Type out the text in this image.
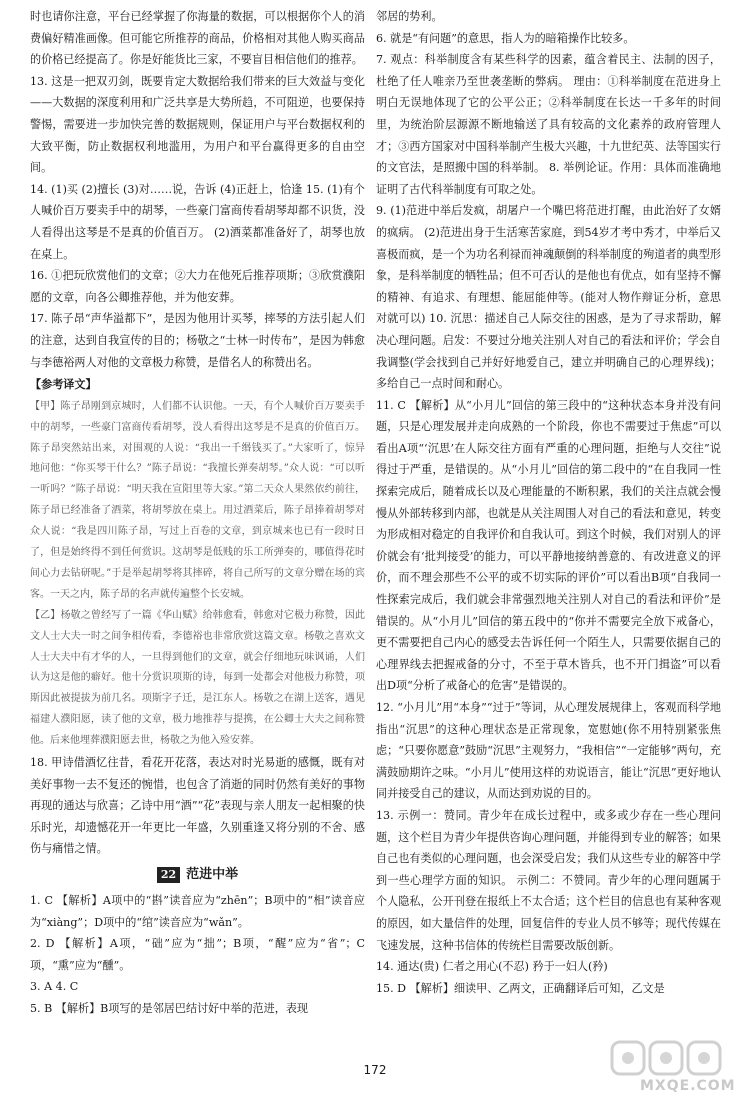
时也请你注意，平台已经掌握了你海量的数据，可以根据你个人的消费偏好精准画像。但可能它所推荐的商品，价格相对其他人购买商品的价格已经提高了。你是好能货比三家，不要盲目相信他们的推荐。

13. 这是一把双刃剑，既要肯定大数据给我们带来的巨大效益与变化——大数据的深度利用和广泛共享是大势所趋，不可阻逆，也要保持警惕，需要进一步加快完善的数据规则，保证用户与平台数据权利的大致平衡，防止数据权利地滥用，为用户和平台赢得更多的自由空间。

14. (1)买 (2)擅长 (3)对……说，告诉 (4)正赶上，恰逢 15. (1)有个人喊价百万要卖手中的胡琴，一些豪门富商传看胡琴却都不识货，没人看得出这琴是不是真的价值百万。 (2)酒菜都准备好了，胡琴也放在桌上。

16. ①把玩欣赏他们的文章；②大力在他死后推荐项斯；③欣赏濮阳愿的文章，向各公卿推荐他，并为他安葬。

17. 陈子昂“声华溢都下”，是因为他用计买琴，摔琴的方法引起人们的注意，达到自我宣传的目的；杨敬之“士林一时传布”，是因为韩愈与李德裕两人对他的文章极力称赞，是借名人的称赞出名。

【参考译文】

【甲】陈子昂刚到京城时，人们都不认识他。一天，有个人喊价百万要卖手中的胡琴，一些豪门富商传看胡琴，没人看得出这琴是不是真的价值百万。陈子昂突然站出来，对围观的人说：“我出一千缗钱买了。”大家听了，惊异地问他：“你买琴干什么？”陈子昂说：“我擅长弹奏胡琴。”众人说：“可以听一听吗？”陈子昂说：“明天我在宣阳里等大家。”第二天众人果然依约前往，陈子昂已经准备了酒菜，将胡琴放在桌上。用过酒菜后，陈子昂捧着胡琴对众人说：“我是四川陈子昂，写过上百卷的文章，到京城来也已有一段时日了，但是始终得不到任何赏识。这胡琴是低贱的乐工所弹奏的，哪值得花时间心力去钻研呢。”于是举起胡琴将其摔碎，将自己所写的文章分赠在场的宾客。一天之内，陈子昂的名声就传遍整个长安城。

【乙】杨敬之曾经写了一篇《华山赋》给韩愈看，韩愈对它极力称赞，因此文人士大夫一时之间争相传看，李德裕也非常欣赏这篇文章。杨敬之喜欢文人士大夫中有才华的人，一旦得到他们的文章，就会仔细地玩味讽诵，人们认为这是他的癖好。他十分赏识项斯的诗，每到一处都会对他极力称赞，项斯因此被提拔为前几名。项斯字子迁，是江东人。杨敬之在湖上送客，遇见福建人濮阳愿，读了他的文章，极力地推荐与提携，在公卿士大夫之间称赞他。后来他埋葬濮阳愿去世，杨敬之为他入殓安葬。

18. 甲诗借酒忆往昔，看花开花落，表达对时光易逝的感慨，既有对美好事物一去不复还的惋惜，也包含了消逝的同时仍然有美好的事物再现的通达与欣喜；乙诗中用“酒”“花”表现与亲人朋友一起相聚的快乐时光，却遗憾花开一年更比一年盛，久别重逢又将分别的不舍、感伤与痛惜之情。

22 范进中举

1. C 【解析】A项中的“斟”读音应为“zhēn”；B项中的“相”读音应为“xiàng”；D项中的“绾”读音应为“wǎn”。

2. D 【解析】A项，“础”应为“拙”；B项，“醒”应为“省”；C项，“熏”应为“醺”。

3. A 4. C

5. B 【解析】B项写的是邻居巴结讨好中举的范进，表现

邻居的势利。

6. 就是“有问题”的意思，指人为的暗箱操作比较多。

7. 观点：科举制度含有某些科学的因素，蕴含着民主、法制的因子，杜绝了任人唯亲乃至世袭垄断的弊病。 理由：①科举制度在范进身上明白无误地体现了它的公平公正；②科举制度在长达一千多年的时间里，为统治阶层源源不断地输送了具有较高的文化素养的政府管理人才；③西方国家对中国科举制产生极大兴趣，十九世纪英、法等国实行的文官法，是照搬中国的科举制。 8. 举例论证。作用：具体而准确地证明了古代科举制度有可取之处。

9. (1)范进中举后发疯，胡屠户一个嘴巴将范进打醒，由此治好了女婿的疯病。 (2)范进出身于生活寒苦家庭，到54岁才考中秀才，中举后又喜极而疯，是一个为功名利禄而神魂颠倒的科举制度的殉道者的典型形象，是科举制度的牺牲品；但不可否认的是他也有优点，如有坚持不懈的精神、有追求、有理想、能屈能伸等。(能对人物作辩证分析，意思对就可以) 10. 沉思：描述自己人际交往的困惑，是为了寻求帮助，解决心理问题。启发：不要过分地关注别人对自己的看法和评价；学会自我调整(学会找到自己并好好地爱自己，建立并明确自己的心理界线)；多给自己一点时间和耐心。

11. C 【解析】从“小月儿”回信的第三段中的“这种状态本身并没有问题，只是心理发展并走向成熟的一个阶段，你也不需要过于焦虑”可以看出A项“‘沉思’在人际交往方面有严重的心理问题，拒绝与人交往”说得过于严重，是错误的。从“小月儿”回信的第二段中的“在自我同一性探索完成后，随着成长以及心理能量的不断积累，我们的关注点就会慢慢从外部转移到内部，也就是从关注周围人对自己的看法和意见，转变为形成相对稳定的自我评价和自我认可。到这个时候，我们对别人的评价就会有‘批判接受’的能力，可以平静地接纳善意的、有改进意义的评价，而不理会那些不公平的或不切实际的评价”可以看出B项“自我同一性探索完成后，我们就会非常强烈地关注别人对自己的看法和评价”是错误的。从“小月儿”回信的第五段中的“你并不需要完全放下戒备心，更不需要把自己内心的感受去告诉任何一个陌生人，只需要依据自己的心理界线去把握戒备的分寸，不至于草木皆兵，也不开门揖盗”可以看出D项“分析了戒备心的危害”是错误的。

12. “小月儿”用“本身”“过于”等词，从心理发展规律上，客观而科学地指出“沉思”的这种心理状态是正常现象，宽慰她(你不用特别紧张焦虑；“只要你愿意”鼓励“沉思”主观努力，“我相信”“一定能够”两句，充满鼓励期许之味。“小月儿”使用这样的劝说语言，能让“沉思”更好地认同并接受自己的建议，从而达到劝说的目的。

13. 示例一：赞同。青少年在成长过程中，或多或少存在一些心理问题，这个栏目为青少年提供咨询心理问题，并能得到专业的解答；如果自己也有类似的心理问题，也会深受启发；我们从这些专业的解答中学到一些心理学方面的知识。 示例二：不赞同。青少年的心理问题属于个人隐私，公开刊登在报纸上不太合适；这个栏目的信息也有某种客观的原因，如大量信件的处理，回复信件的专业人员不够等；现代传媒在飞速发展，这种书信体的传统栏目需要改版创新。

14. 通达(贵) 仁者之用心(不忍) 矜于一妇人(矜)

15. D 【解析】细读甲、乙两文，正确翻译后可知，乙文是

172
MXQE.COM
